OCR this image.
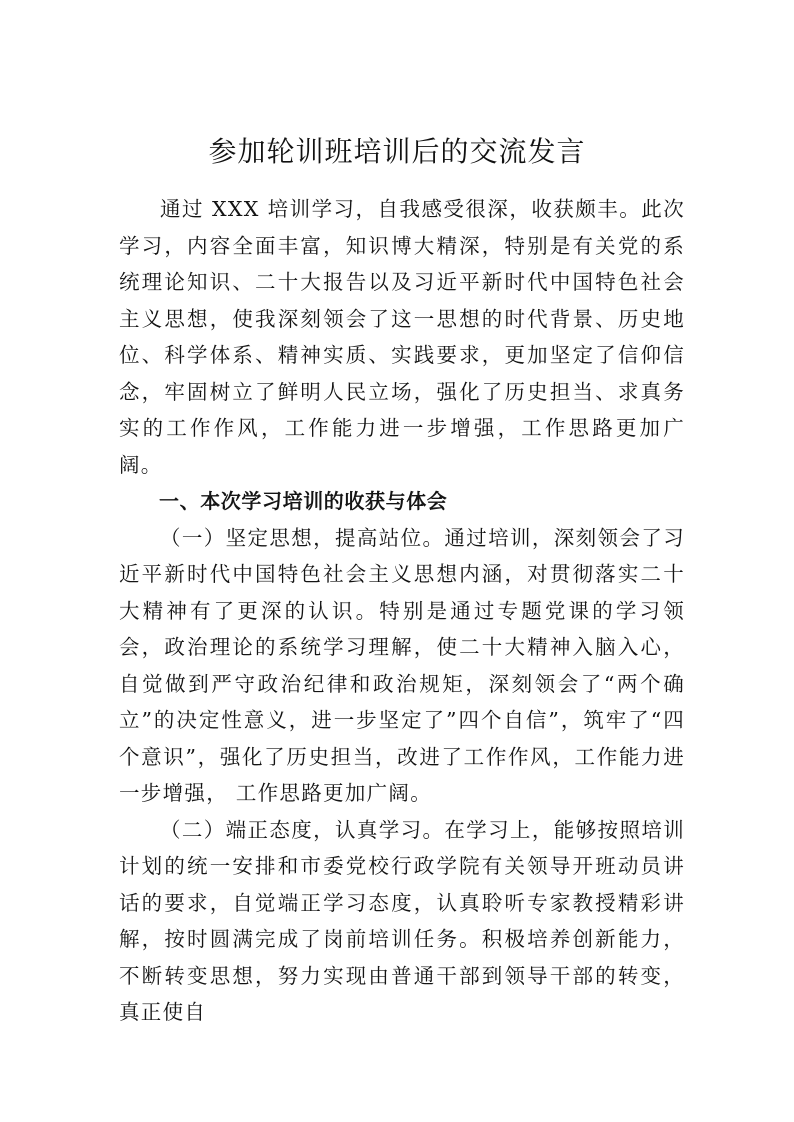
参加轮训班培训后的交流发言

通过 XXX 培训学习，自我感受很深，收获颇丰。此次学习，内容全面丰富，知识博大精深，特别是有关党的系统理论知识、二十大报告以及习近平新时代中国特色社会主义思想，使我深刻领会了这一思想的时代背景、历史地位、科学体系、精神实质、实践要求，更加坚定了信仰信念，牢固树立了鲜明人民立场，强化了历史担当、求真务实的工作作风，工作能力进一步增强，工作思路更加广阔。

一、本次学习培训的收获与体会

（一）坚定思想，提高站位。通过培训，深刻领会了习近平新时代中国特色社会主义思想内涵，对贯彻落实二十大精神有了更深的认识。特别是通过专题党课的学习领会，政治理论的系统学习理解，使二十大精神入脑入心，自觉做到严守政治纪律和政治规矩，深刻领会了“两个确立”的决定性意义，进一步坚定了”四个自信”，筑牢了“四个意识”，强化了历史担当，改进了工作作风，工作能力进一步增强， 工作思路更加广阔。

（二）端正态度，认真学习。在学习上，能够按照培训计划的统一安排和市委党校行政学院有关领导开班动员讲话的要求，自觉端正学习态度，认真聆听专家教授精彩讲解，按时圆满完成了岗前培训任务。积极培养创新能力，不断转变思想，努力实现由普通干部到领导干部的转变，真正使自
